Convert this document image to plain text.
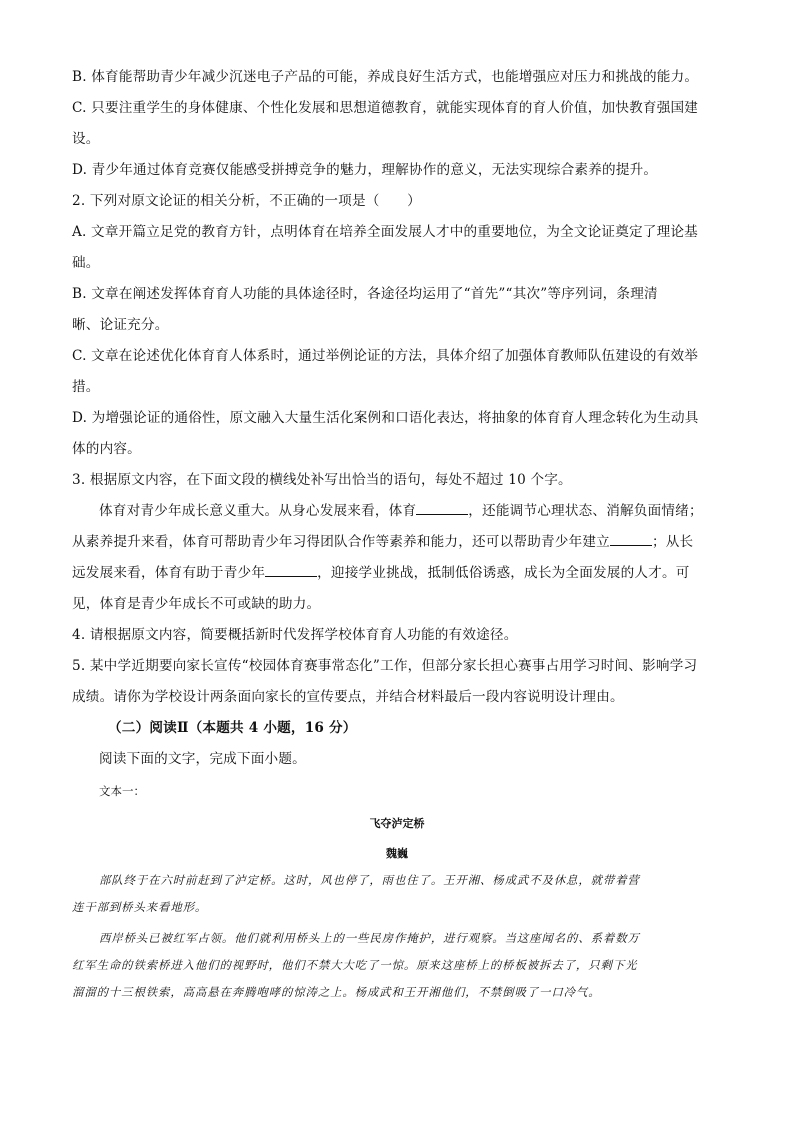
B. 体育能帮助青少年减少沉迷电子产品的可能，养成良好生活方式，也能增强应对压力和挑战的能力。
C. 只要注重学生的身体健康、个性化发展和思想道德教育，就能实现体育的育人价值，加快教育强国建
设。
D. 青少年通过体育竞赛仅能感受拼搏竞争的魅力，理解协作的意义，无法实现综合素养的提升。
2. 下列对原文论证的相关分析，不正确的一项是（　　）
A. 文章开篇立足党的教育方针，点明体育在培养全面发展人才中的重要地位，为全文论证奠定了理论基
础。
B. 文章在阐述发挥体育育人功能的具体途径时，各途径均运用了“首先”“其次”等序列词，条理清
晰、论证充分。
C. 文章在论述优化体育育人体系时，通过举例论证的方法，具体介绍了加强体育教师队伍建设的有效举
措。
D. 为增强论证的通俗性，原文融入大量生活化案例和口语化表达，将抽象的体育育人理念转化为生动具
体的内容。
3. 根据原文内容，在下面文段的横线处补写出恰当的语句，每处不超过 10 个字。
体育对青少年成长意义重大。从身心发展来看，体育	，还能调节心理状态、消解负面情绪；
从素养提升来看，体育可帮助青少年习得团队合作等素养和能力，还可以帮助青少年建立	；从长
远发展来看，体育有助于青少年	，迎接学业挑战，抵制低俗诱惑，成长为全面发展的人才。可
见，体育是青少年成长不可或缺的助力。
4. 请根据原文内容，简要概括新时代发挥学校体育育人功能的有效途径。
5. 某中学近期要向家长宣传“校园体育赛事常态化”工作，但部分家长担心赛事占用学习时间、影响学习
成绩。请你为学校设计两条面向家长的宣传要点，并结合材料最后一段内容说明设计理由。
（二）阅读Ⅱ（本题共 4 小题，16 分）
阅读下面的文字，完成下面小题。
文本一：
飞夺泸定桥
魏巍
部队终于在六时前赶到了泸定桥。这时，风也停了，雨也住了。王开湘、杨成武不及休息，就带着营
连干部到桥头来看地形。
西岸桥头已被红军占领。他们就利用桥头上的一些民房作掩护，进行观察。当这座闻名的、系着数万
红军生命的铁索桥进入他们的视野时，他们不禁大大吃了一惊。原来这座桥上的桥板被拆去了，只剩下光
溜溜的十三根铁索，高高悬在奔腾咆哮的惊涛之上。杨成武和王开湘他们，不禁倒吸了一口冷气。
